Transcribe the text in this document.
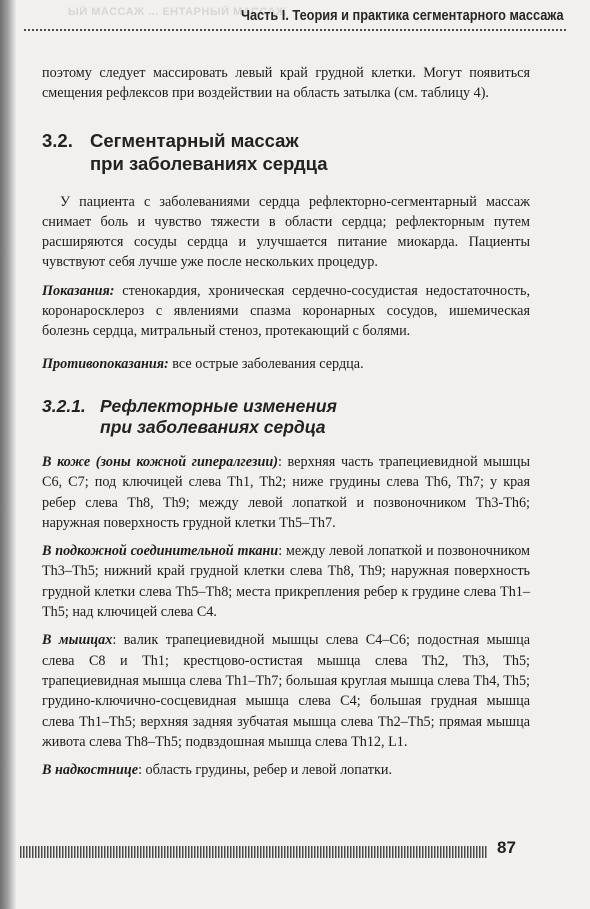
ЫЙ МАССАЖ ... ЕНТАРНЫЙ МАССАЖ
Часть I. Теория и практика сегментарного массажа

поэтому следует массировать левый край грудной клетки. Могут появиться смещения рефлексов при воздействии на область затылка (см. таблицу 4).

3.2. Сегментарный массаж
при заболеваниях сердца

У пациента с заболеваниями сердца рефлекторно-сегментарный массаж снимает боль и чувство тяжести в области сердца; рефлекторным путем расширяются сосуды сердца и улучшается питание миокарда. Пациенты чувствуют себя лучше уже после нескольких процедур.

Показания: стенокардия, хроническая сердечно-сосудистая недостаточность, коронаросклероз с явлениями спазма коронарных сосудов, ишемическая болезнь сердца, митральный стеноз, протекающий с болями.

Противопоказания: все острые заболевания сердца.

3.2.1. Рефлекторные изменения
при заболеваниях сердца

В коже (зоны кожной гипералгезии): верхняя часть трапециевидной мышцы С6, С7; под ключицей слева Th1, Th2; ниже грудины слева Th6, Th7; у края ребер слева Th8, Th9; между левой лопаткой и позвоночником Th3-Th6; наружная поверхность грудной клетки Th5–Th7.

В подкожной соединительной ткани: между левой лопаткой и позвоночником Th3–Th5; нижний край грудной клетки слева Th8, Th9; наружная поверхность грудной клетки слева Th5–Th8; места прикрепления ребер к грудине слева Th1–Th5; над ключицей слева С4.

В мышцах: валик трапециевидной мышцы слева С4–С6; подостная мышца слева С8 и Th1; крестцово-остистая мышца слева Th2, Th3, Th5; трапециевидная мышца слева Th1–Th7; большая круглая мышца слева Th4, Th5; грудино-ключично-сосцевидная мышца слева С4; большая грудная мышца слева Th1–Th5; верхняя задняя зубчатая мышца слева Th2–Th5; прямая мышца живота слева Th8–Th5; подвздошная мышца слева Th12, L1.

В надкостнице: область грудины, ребер и левой лопатки.

87
